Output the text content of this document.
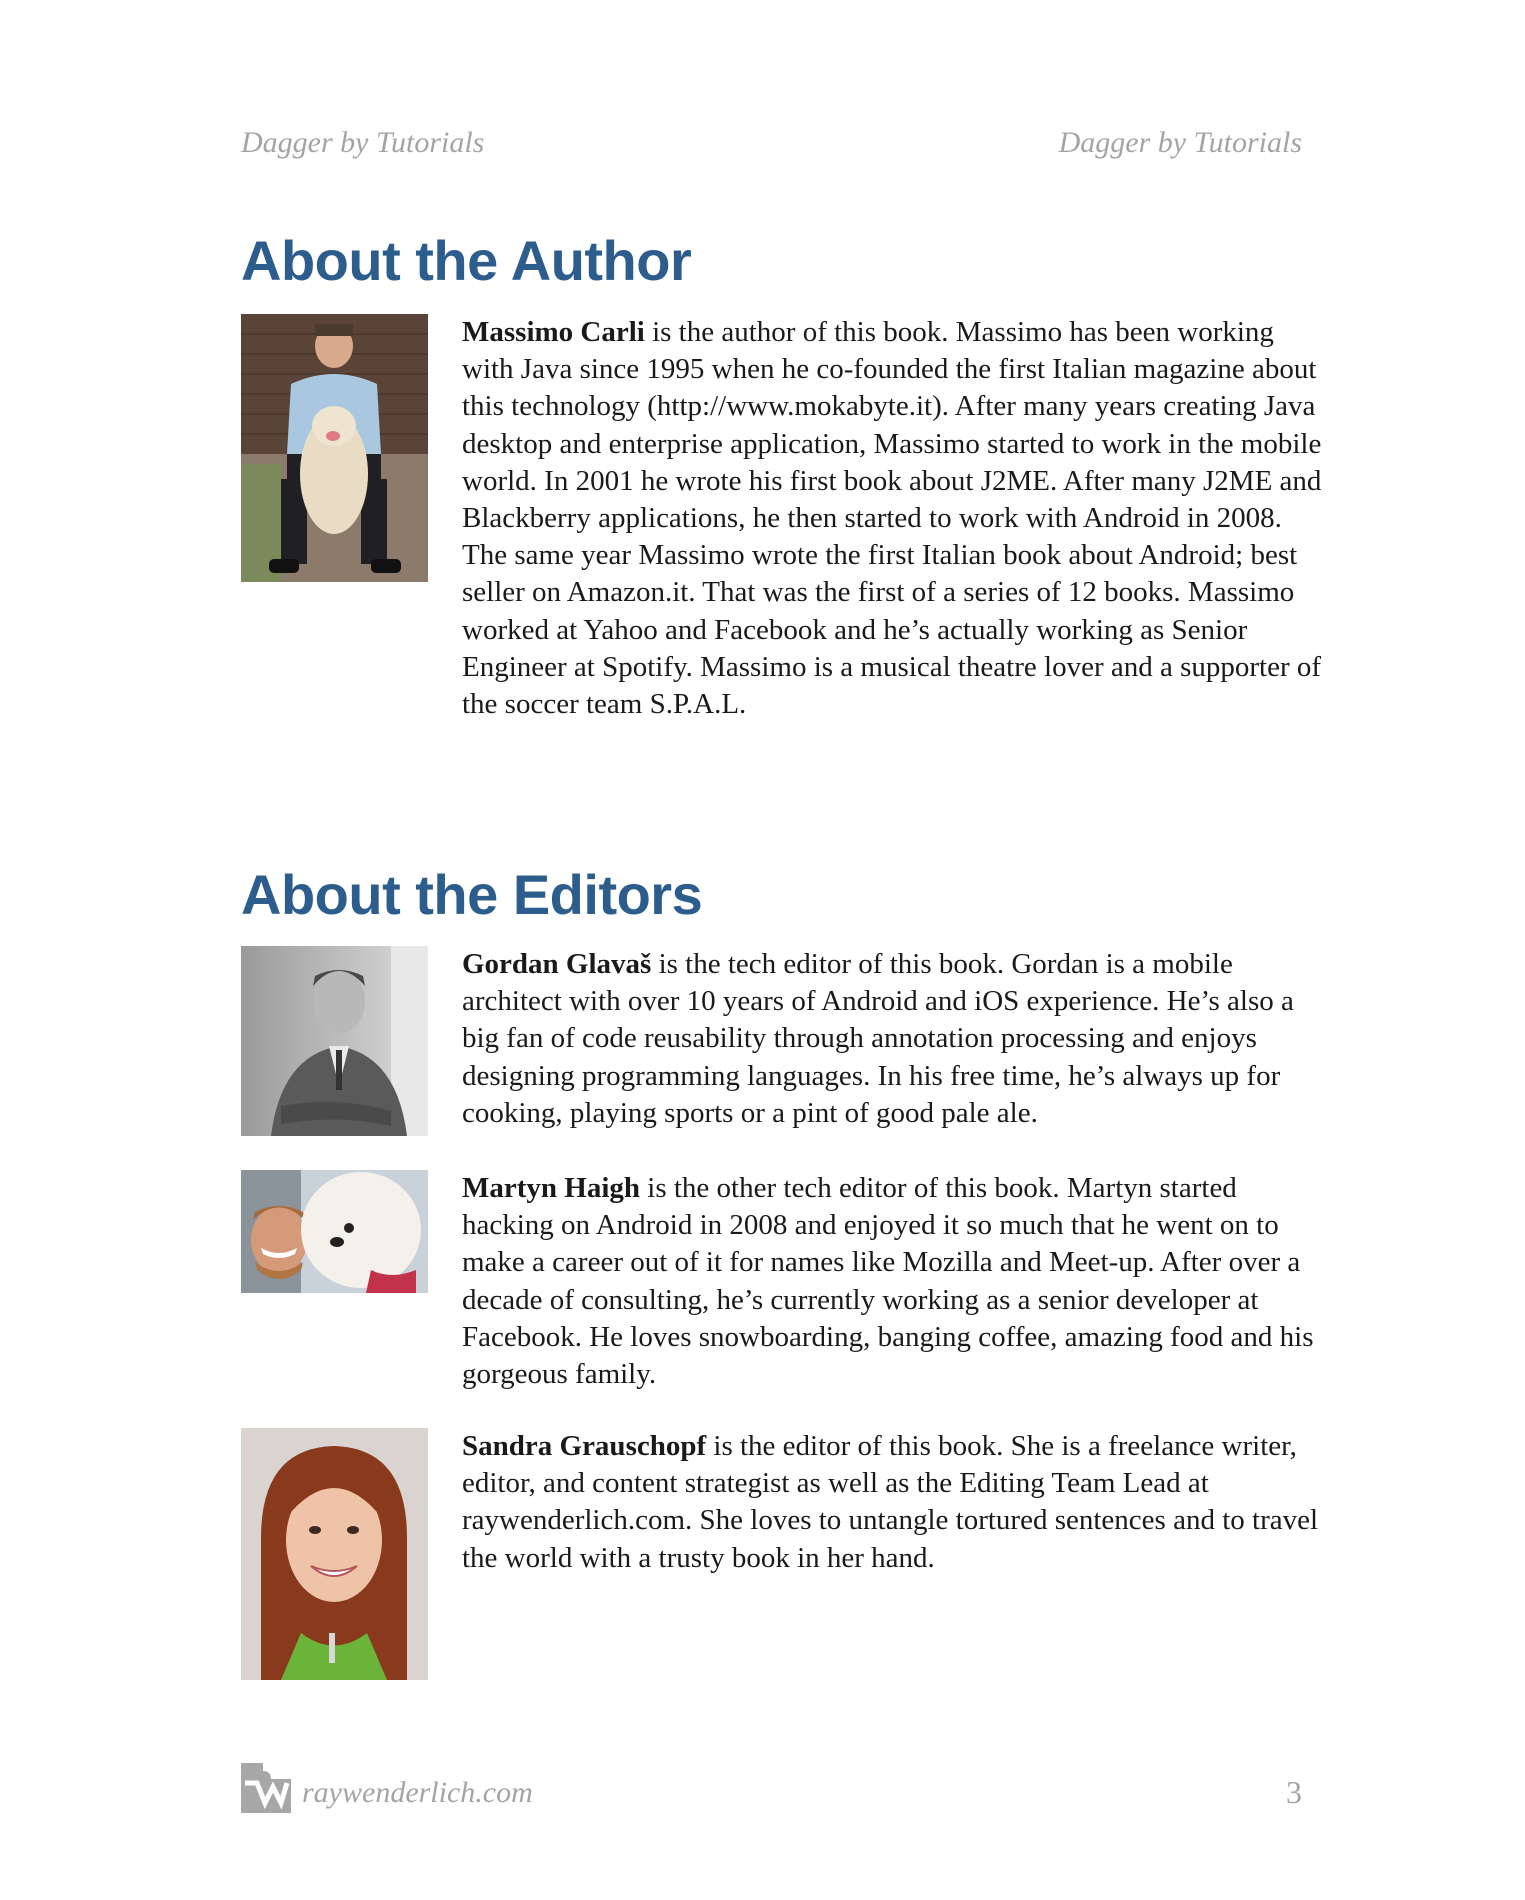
Dagger by Tutorials	Dagger by Tutorials
About the Author

Massimo Carli is the author of this book. Massimo has been working with Java since 1995 when he co-founded the first Italian magazine about this technology (http://www.mokabyte.it). After many years creating Java desktop and enterprise application, Massimo started to work in the mobile world. In 2001 he wrote his first book about J2ME. After many J2ME and Blackberry applications, he then started to work with Android in 2008. The same year Massimo wrote the first Italian book about Android; best seller on Amazon.it. That was the first of a series of 12 books. Massimo worked at Yahoo and Facebook and he’s actually working as Senior Engineer at Spotify. Massimo is a musical theatre lover and a supporter of the soccer team S.P.A.L.

About the Editors

Gordan Glavaš is the tech editor of this book. Gordan is a mobile architect with over 10 years of Android and iOS experience. He’s also a big fan of code reusability through annotation processing and enjoys designing programming languages. In his free time, he’s always up for cooking, playing sports or a pint of good pale ale.

Martyn Haigh is the other tech editor of this book. Martyn started hacking on Android in 2008 and enjoyed it so much that he went on to make a career out of it for names like Mozilla and Meet-up. After over a decade of consulting, he’s currently working as a senior developer at Facebook. He loves snowboarding, banging coffee, amazing food and his gorgeous family.

Sandra Grauschopf is the editor of this book. She is a freelance writer, editor, and content strategist as well as the Editing Team Lead at raywenderlich.com. She loves to untangle tortured sentences and to travel the world with a trusty book in her hand.

raywenderlich.com	3
